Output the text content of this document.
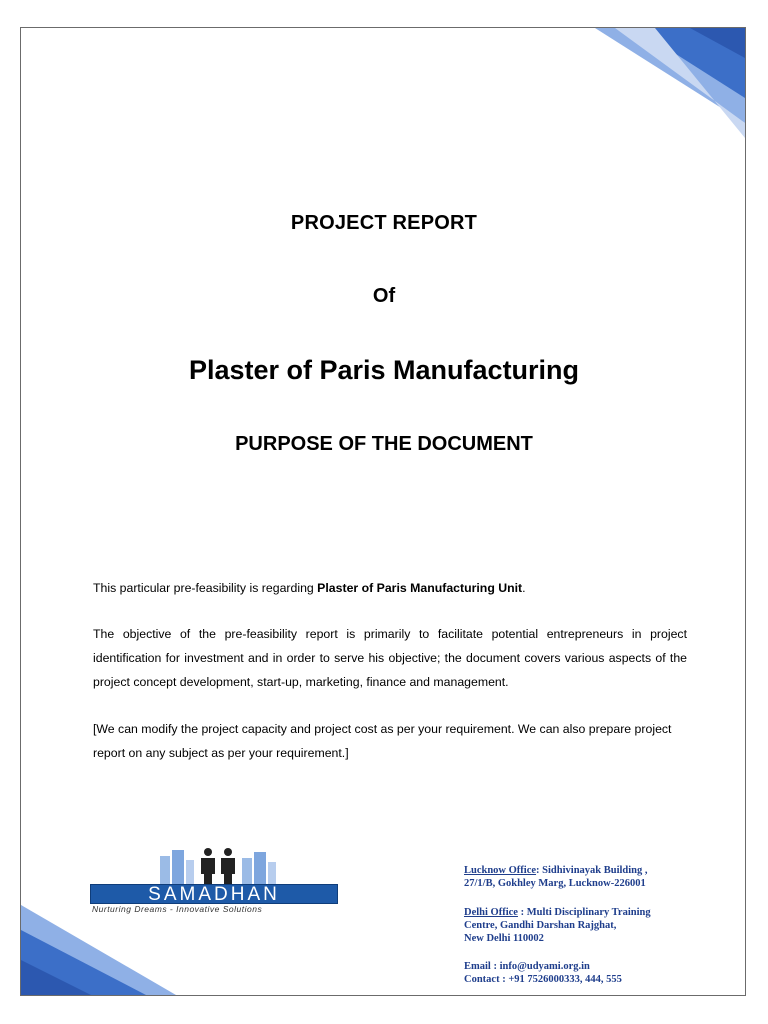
PROJECT REPORT
Of
Plaster of Paris Manufacturing
PURPOSE OF THE DOCUMENT
This particular pre-feasibility is regarding Plaster of Paris Manufacturing Unit.
The objective of the pre-feasibility report is primarily to facilitate potential entrepreneurs in project identification for investment and in order to serve his objective; the document covers various aspects of the project concept development, start-up, marketing, finance and management.
[We can modify the project capacity and project cost as per your requirement. We can also prepare project report on any subject as per your requirement.]
SAMADHAN
Nurturing Dreams - Innovative Solutions
Lucknow Office: Sidhivinayak Building ,
27/1/B, Gokhley Marg, Lucknow-226001
Delhi Office : Multi Disciplinary Training
Centre, Gandhi Darshan Rajghat,
New Delhi 110002
Email : info@udyami.org.in
Contact : +91 7526000333, 444, 555
